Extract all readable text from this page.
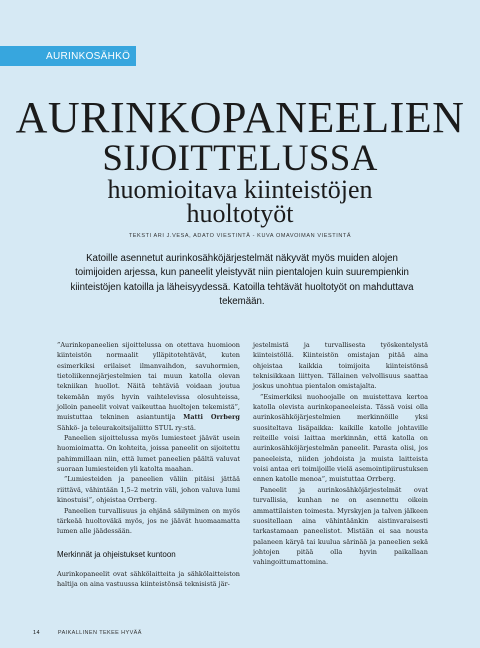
AURINKOSÄHKÖ
AURINKOPANEELIEN
SIJOITTELUSSA
huomioitava kiinteistöjen
huoltotyöt
TEKSTI ARI J.VESA, ADATO VIESTINTÄ - KUVA OMAVOIMAN VIESTINTÄ
Katoille asennetut aurinkosähköjärjestelmät näkyvät myös muiden alojen toimijoiden arjessa, kun paneelit yleistyvät niin pientalojen kuin suurempienkin kiinteistöjen katoilla ja läheisyydessä. Katoilla tehtävät huoltotyöt on mahduttava tekemään.

”Aurinkopaneelien sijoittelussa on otettava huomioon kiinteistön normaalit ylläpitotehtävät, kuten esimerkiksi erilaiset ilmanvaihdon, savuhormien, tietoliikennejärjestelmien tai muun katolla olevan tekniikan huollot. Näitä tehtäviä voidaan joutua tekemään myös hyvin vaihtelevissa olosuhteissa, jolloin paneelit voivat vaikeuttaa huoltojen tekemistä”, muistuttaa tekninen asiantuntija Matti Orrberg Sähkö- ja teleurakoitsijaliitto STUL ry:stä.

Paneelien sijoittelussa myös lumiesteet jäävät usein huomioimatta. On kohteita, joissa paneelit on sijoitettu pahimmillaan niin, että lumet paneelien päältä valuvat suoraan lumiesteiden yli katolta maahan.

”Lumiesteiden ja paneelien väliin pitäisi jättää riittävä, vähintään 1,5–2 metrin väli, johon valuva lumi kinostuisi”, ohjeistaa Orrberg.

Paneelien turvallisuus ja ehjänä säilyminen on myös tärkeää huoltoväkä myös, jos ne jäävät huomaamatta lumen alle jäädessään.

Merkinnät ja ohjeistukset kuntoon

Aurinkopaneelit ovat sähkölaitteita ja sähkölaitteiston haltija on aina vastuussa kiinteistönsä teknisistä jär-

jestelmistä ja turvallisesta työskentelystä kiinteistöllä. Kiinteistön omistajan pitää aina ohjeistaa kaikkia toimijoita kiinteistönsä teknisikkaan liittyen. Tällainen velvollisuus saattaa joskus unohtua pientalon omistajalta.

”Esimerkiksi nuohoojalle on muistettava kertoa katolla olevista aurinkopaneeleista. Tässä voisi olla aurinkosähköjärjestelmien merkinnöille yksi suositeltava lisäpaikka: kaikille katolle johtaville reiteille voisi laittaa merkinnän, että katolla on aurinkosähköjärjestelmän paneelit. Parasta olisi, jos paneeleista, niiden johdoista ja muista laitteista voisi antaa eri toimijoille vielä asemointipiirustuksen ennen katolle menoa”, muistuttaa Orrberg.

Paneelit ja aurinkosähköjärjestelmät ovat turvallisia, kunhan ne on asennettu oikein ammattilaisten toimesta. Myrskyjen ja talven jälkeen suositellaan aina vähintäänkin aistinvaraisesti tarkastamaan paneelistot. Mistään ei saa nousta palaneen käryä tai kuulua särinää ja paneelien sekä johtojen pitää olla hyvin paikallaan vahingoittumattomina.

14	PAIKALLINEN TEKEE HYVÄÄ
